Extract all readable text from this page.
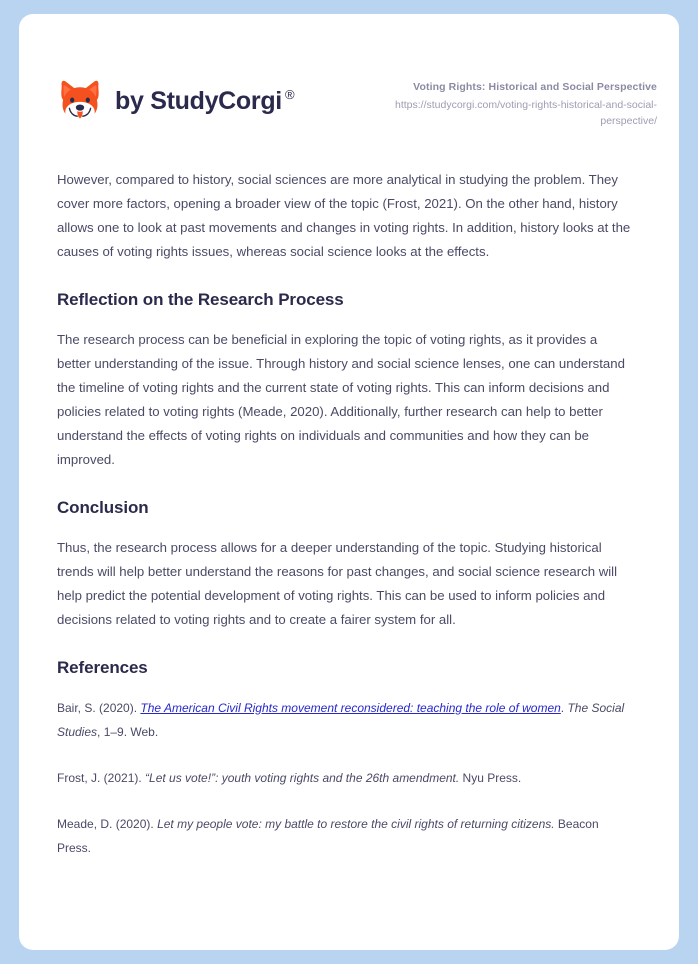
by StudyCorgi ®
Voting Rights: Historical and Social Perspective
https://studycorgi.com/voting-rights-historical-and-social-perspective/

However, compared to history, social sciences are more analytical in studying the problem. They cover more factors, opening a broader view of the topic (Frost, 2021). On the other hand, history allows one to look at past movements and changes in voting rights. In addition, history looks at the causes of voting rights issues, whereas social science looks at the effects.

Reflection on the Research Process

The research process can be beneficial in exploring the topic of voting rights, as it provides a better understanding of the issue. Through history and social science lenses, one can understand the timeline of voting rights and the current state of voting rights. This can inform decisions and policies related to voting rights (Meade, 2020). Additionally, further research can help to better understand the effects of voting rights on individuals and communities and how they can be improved.

Conclusion

Thus, the research process allows for a deeper understanding of the topic. Studying historical trends will help better understand the reasons for past changes, and social science research will help predict the potential development of voting rights. This can be used to inform policies and decisions related to voting rights and to create a fairer system for all.

References

Bair, S. (2020). The American Civil Rights movement reconsidered: teaching the role of women. The Social Studies, 1–9. Web.

Frost, J. (2021). “Let us vote!”: youth voting rights and the 26th amendment. Nyu Press.

Meade, D. (2020). Let my people vote: my battle to restore the civil rights of returning citizens. Beacon Press.
